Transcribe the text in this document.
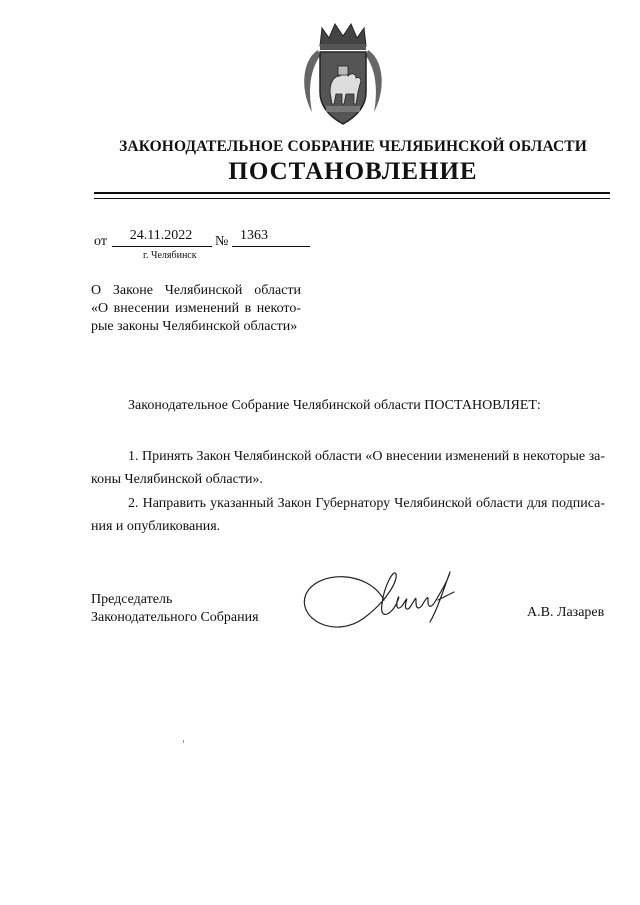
ЗАКОНОДАТЕЛЬНОЕ СОБРАНИЕ ЧЕЛЯБИНСКОЙ ОБЛАСТИ
ПОСТАНОВЛЕНИЕ
от	24.11.2022	№ 1363
г. Челябинск
О Законе Челябинской области
«О внесении изменений в некото-
рые законы Челябинской области»
Законодательное Собрание Челябинской области ПОСТАНОВЛЯЕТ:
1. Принять Закон Челябинской области «О внесении изменений в некоторые за-
коны Челябинской области».
2. Направить указанный Закон Губернатору Челябинской области для подписа-
ния и опубликования.
Председатель
Законодательного Собрания	А.В. Лазарев
